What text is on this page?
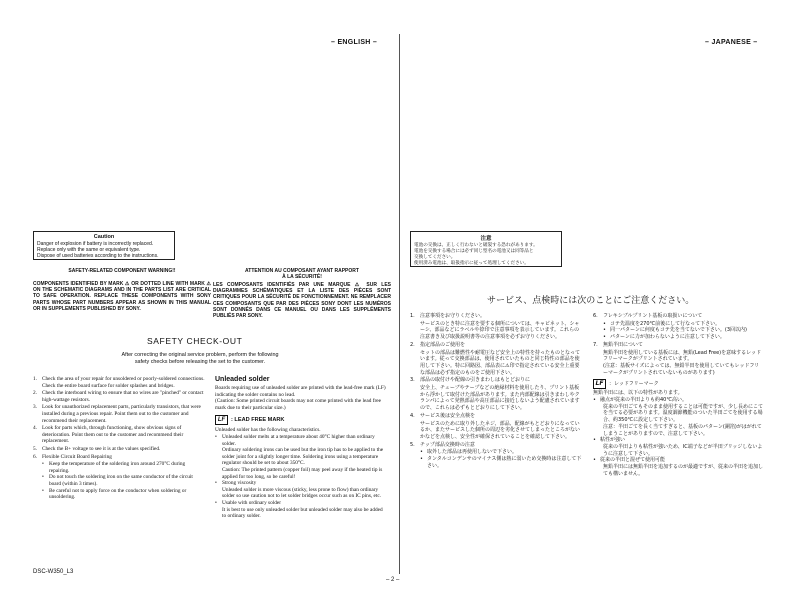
– ENGLISH –	– JAPANESE –
Caution
Danger of explosion if battery is incorrectly replaced.
Replace only with the same or equivalent type.
Dispose of used batteries according to the instructions.
SAFETY-RELATED COMPONENT WARNING!!
COMPONENTS IDENTIFIED BY MARK ⚠ OR DOTTED LINE WITH MARK ⚠ ON THE SCHEMATIC DIAGRAMS AND IN THE PARTS LIST ARE CRITICAL TO SAFE OPERATION. REPLACE THESE COMPONENTS WITH SONY PARTS WHOSE PART NUMBERS APPEAR AS SHOWN IN THIS MANUAL OR IN SUPPLEMENTS PUBLISHED BY SONY.
ATTENTION AU COMPOSANT AYANT RAPPORT
À LA SÉCURITÉ!
LES COMPOSANTS IDENTIFIÉS PAR UNE MARQUE ⚠ SUR LES DIAGRAMMES SCHÉMATIQUES ET LA LISTE DES PIÈCES SONT CRITIQUES POUR LA SÉCURITÉ DE FONCTIONNEMENT. NE REMPLACER CES COMPOSANTS QUE PAR DES PIÈCES SONY DONT LES NUMÉROS SONT DONNÉS DANS CE MANUEL OU DANS LES SUPPLÉMENTS PUBLIÉS PAR SONY.
SAFETY CHECK-OUT
After correcting the original service problem, perform the following
safety checks before releasing the set to the customer.
1. Check the area of your repair for unsoldered or poorly-soldered connections. Check the entire board surface for solder splashes and bridges.
2. Check the interboard wiring to ensure that no wires are "pinched" or contact high-wattage resistors.
3. Look for unauthorized replacement parts, particularly transistors, that were installed during a previous repair. Point them out to the customer and recommend their replacement.
4. Look for parts which, through functioning, show obvious signs of deterioration. Point them out to the customer and recommend their replacement.
5. Check the B+ voltage to see it is at the values specified.
6. Flexible Circuit Board Repairing
• Keep the temperature of the soldering iron around 270°C during repairing.
• Do not touch the soldering iron on the same conductor of the circuit board (within 3 times).
• Be careful not to apply force on the conductor when soldering or unsoldering.
Unleaded solder
Boards requiring use of unleaded solder are printed with the lead-free mark (LF) indicating the solder contains no lead.
(Caution: Some printed circuit boards may not come printed with the lead free mark due to their particular size.)
LF	: LEAD FREE MARK
Unleaded solder has the following characteristics.
• Unleaded solder melts at a temperature about 40°C higher than ordinary solder.
Ordinary soldering irons can be used but the iron tip has to be applied to the solder joint for a slightly longer time. Soldering irons using a temperature regulator should be set to about 350°C.
Caution: The printed pattern (copper foil) may peel away if the heated tip is applied for too long, so be careful!
• Strong viscosity
Unleaded solder is more viscous (sticky, less prone to flow) than ordinary solder so use caution not to let solder bridges occur such as on IC pins, etc.
• Usable with ordinary solder
It is best to use only unleaded solder but unleaded solder may also be added to ordinary solder.
注意
電池の交換は、正しく行わないと破裂する恐れがあります。
電池を交換する場合には必ず同じ型名の電池又は同等品と
交換してください。
使用済み電池は、取扱指示に従って処理してください。
サービス、点検時には次のことにご注意ください。
1. 注意事項をお守りください。
サービスのとき特に注意を要する個所については、キャビネット、シャーシ、部品などにラベルや捺印で注意事項を表示しています。これらの注意書き及び取扱説明書等の注意事項を必ずお守りください。
2. 指定部品のご使用を
セットの部品は難燃性や耐電圧など安全上の特性を持ったものとなっています。従って交換部品は、使用されていたものと同じ特性の部品を使用して下さい。特に回路図、部品表に⚠印で指定されている安全上重要な部品は必ず指定のものをご使用下さい。
3. 部品の取付けや配線の引きまわしはもとどおりに
安全上、チューブやテープなどの絶縁材料を使用したり、プリント基板から浮かして取付けた部品があります。また内部配線は引きまわしやクランパによって発熱部品や高圧部品に接近しないよう配慮されていますので、これらは必ずもとどおりにして下さい。
4. サービス後は安全点検を
サービスのために取り外したネジ、部品、配線がもとどおりになっているか、またサービスした個所の周辺を劣化させてしまったところがないかなどを点検し、安全性が確保されていることを確認して下さい。
5. チップ部品交換時の注意
• 取外した部品は再使用しないで下さい。
• タンタルコンデンサのマイナス側は熱に弱いため交換時は注意して下さい。
6. フレキシブルプリント基板の取扱いについて
• コテ先温度を270℃前後にして行なって下さい。
• 同一パターンに何度もコテ先を当てないで下さい。(3回以内)
• パターンに力が加わらないように注意して下さい。
7. 無鉛半田について
無鉛半田を使用している基板には、無鉛(Lead Free)を意味するレッドフリーマークがプリントされています。
(注意：基板サイズによっては、無鉛半田を使用していてもレッドフリーマークがプリントされていないものがあります)
LF	：レッドフリーマーク
無鉛半田には、以下の特性があります。
• 融点が従来の半田よりも約40℃高い。
従来の半田ごてもそのまま使用することは可能ですが、少し長めにこてを当てる必要があります。温度調節機能のついた半田ごてを使用する場合、約350℃に設定して下さい。
注意：半田ごてを長く当てすぎると、基板のパターン(銅箔)がはがれてしまうことがありますので、注意して下さい。
• 粘性が強い
従来の半田よりも粘性が強いため、IC端子などが半田ブリッジしないように注意して下さい。
• 従来の半田と混ぜて使用可能
無鉛半田には無鉛半田を追加するのが最適ですが、従来の半田を追加しても構いません。
DSC-W350_L3
– 2 –
